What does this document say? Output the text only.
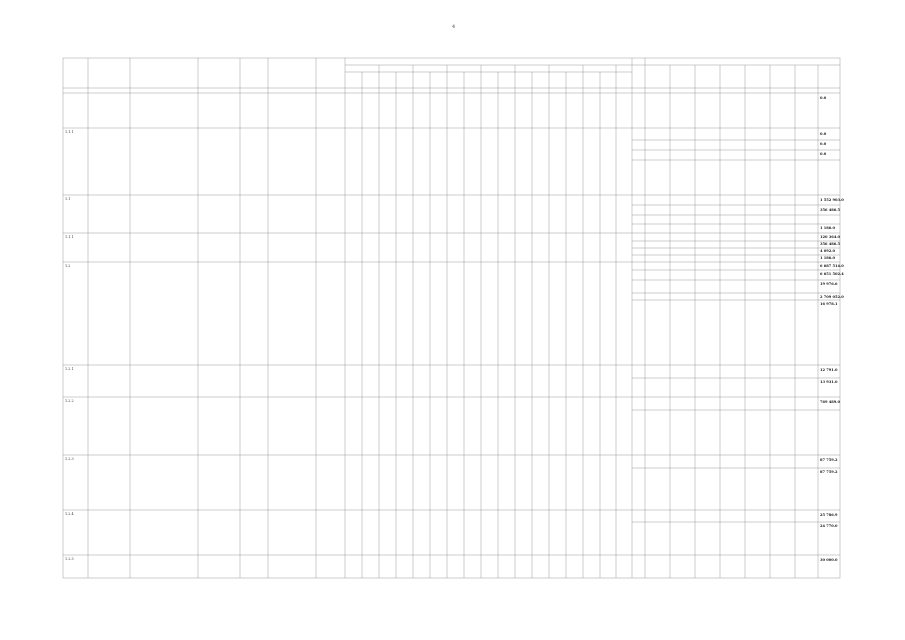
4
1.1.1
1.1
1.1.1
1.2
1.2.1
1.2.2
1.2.3
1.2.4
1.2.5
0.0
0.0
0.0
0.0
1 552 903.0
356 486.5
1 186.0
120 364.0
356 486.5
4 092.0
1 186.0
6 687 514.0
6 651 502.4
19 976.6
2 709 052.0
16 978.1
12 791.0
13 931.0
769 489.0
87 759.2
87 759.2
25 786.9
24 770.0
30 000.0
